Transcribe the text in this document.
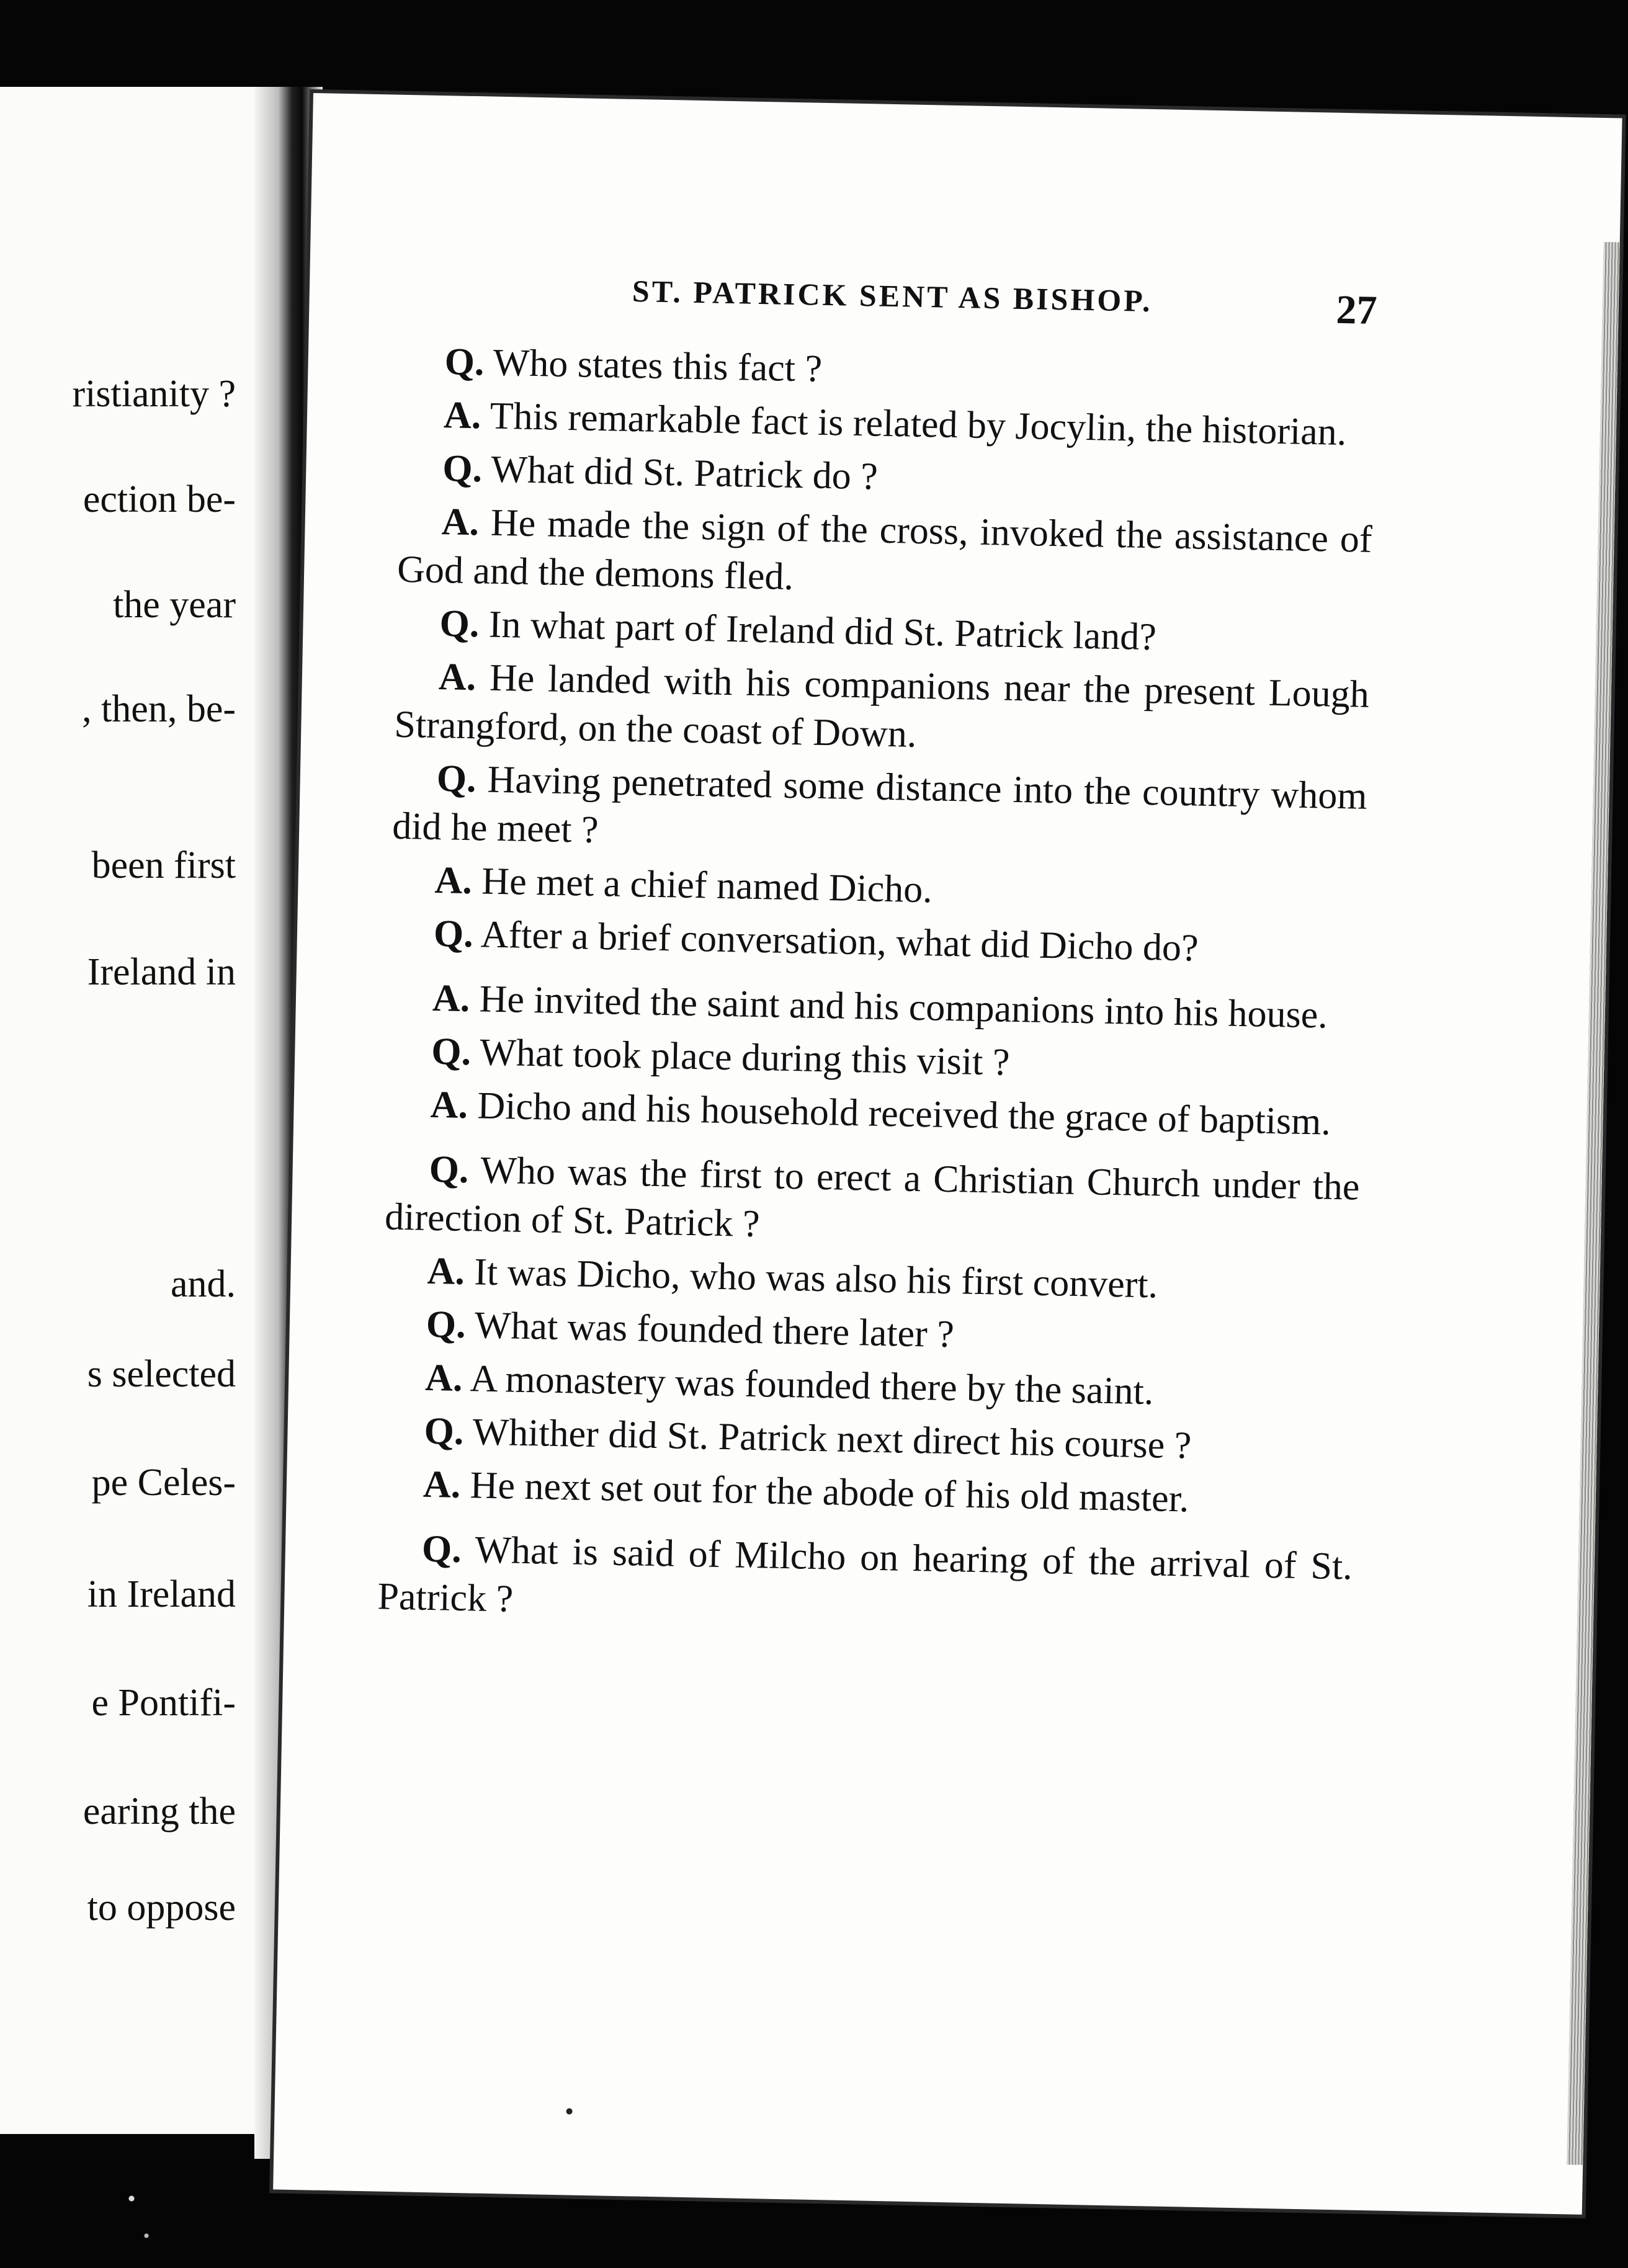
ristianity ?
ection be-
the year
, then, be-
been first
Ireland in
and.
s selected
pe Celes-
in Ireland
e Pontifi-
earing the
to oppose
ST. PATRICK SENT AS BISHOP.	27

Q. Who states this fact ?

A. This remarkable fact is related by Jocylin, the historian.

Q. What did St. Patrick do ?

A. He made the sign of the cross, invoked the assistance of God and the demons fled.

Q. In what part of Ireland did St. Patrick land?

A. He landed with his companions near the present Lough Strangford, on the coast of Down.

Q. Having penetrated some distance into the country whom did he meet ?

A. He met a chief named Dicho.

Q. After a brief conversation, what did Dicho do?

A. He invited the saint and his companions into his house.

Q. What took place during this visit ?

A. Dicho and his household received the grace of baptism.

Q. Who was the first to erect a Christian Church under the direction of St. Patrick ?

A. It was Dicho, who was also his first convert.

Q. What was founded there later ?

A. A monastery was founded there by the saint.

Q. Whither did St. Patrick next direct his course ?

A. He next set out for the abode of his old master.

Q. What is said of Milcho on hearing of the arrival of St. Patrick ?
